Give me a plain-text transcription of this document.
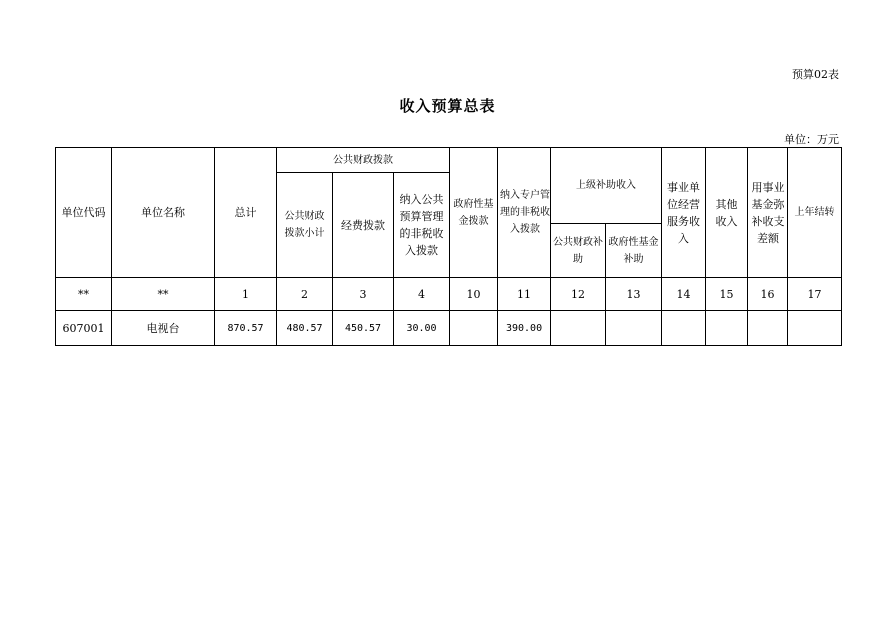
预算02表
收入预算总表
单位：万元
单位代码	单位名称	总计	公共财政拨款			政府性基金拨款	纳入专户管理的非税收入拨款	上级补助收入		事业单位经营服务收入	其他收入	用事业基金弥补收支差额	上年结转

			公共财政拨款小计	经费拨款	纳入公共预算管理的非税收入拨款								

								公共财政补助	政府性基金补助				

**	**	1	2	3	4	10	11	12	13	14	15	16	17
607001	电视台	870.57	480.57	450.57	30.00		390.00						
